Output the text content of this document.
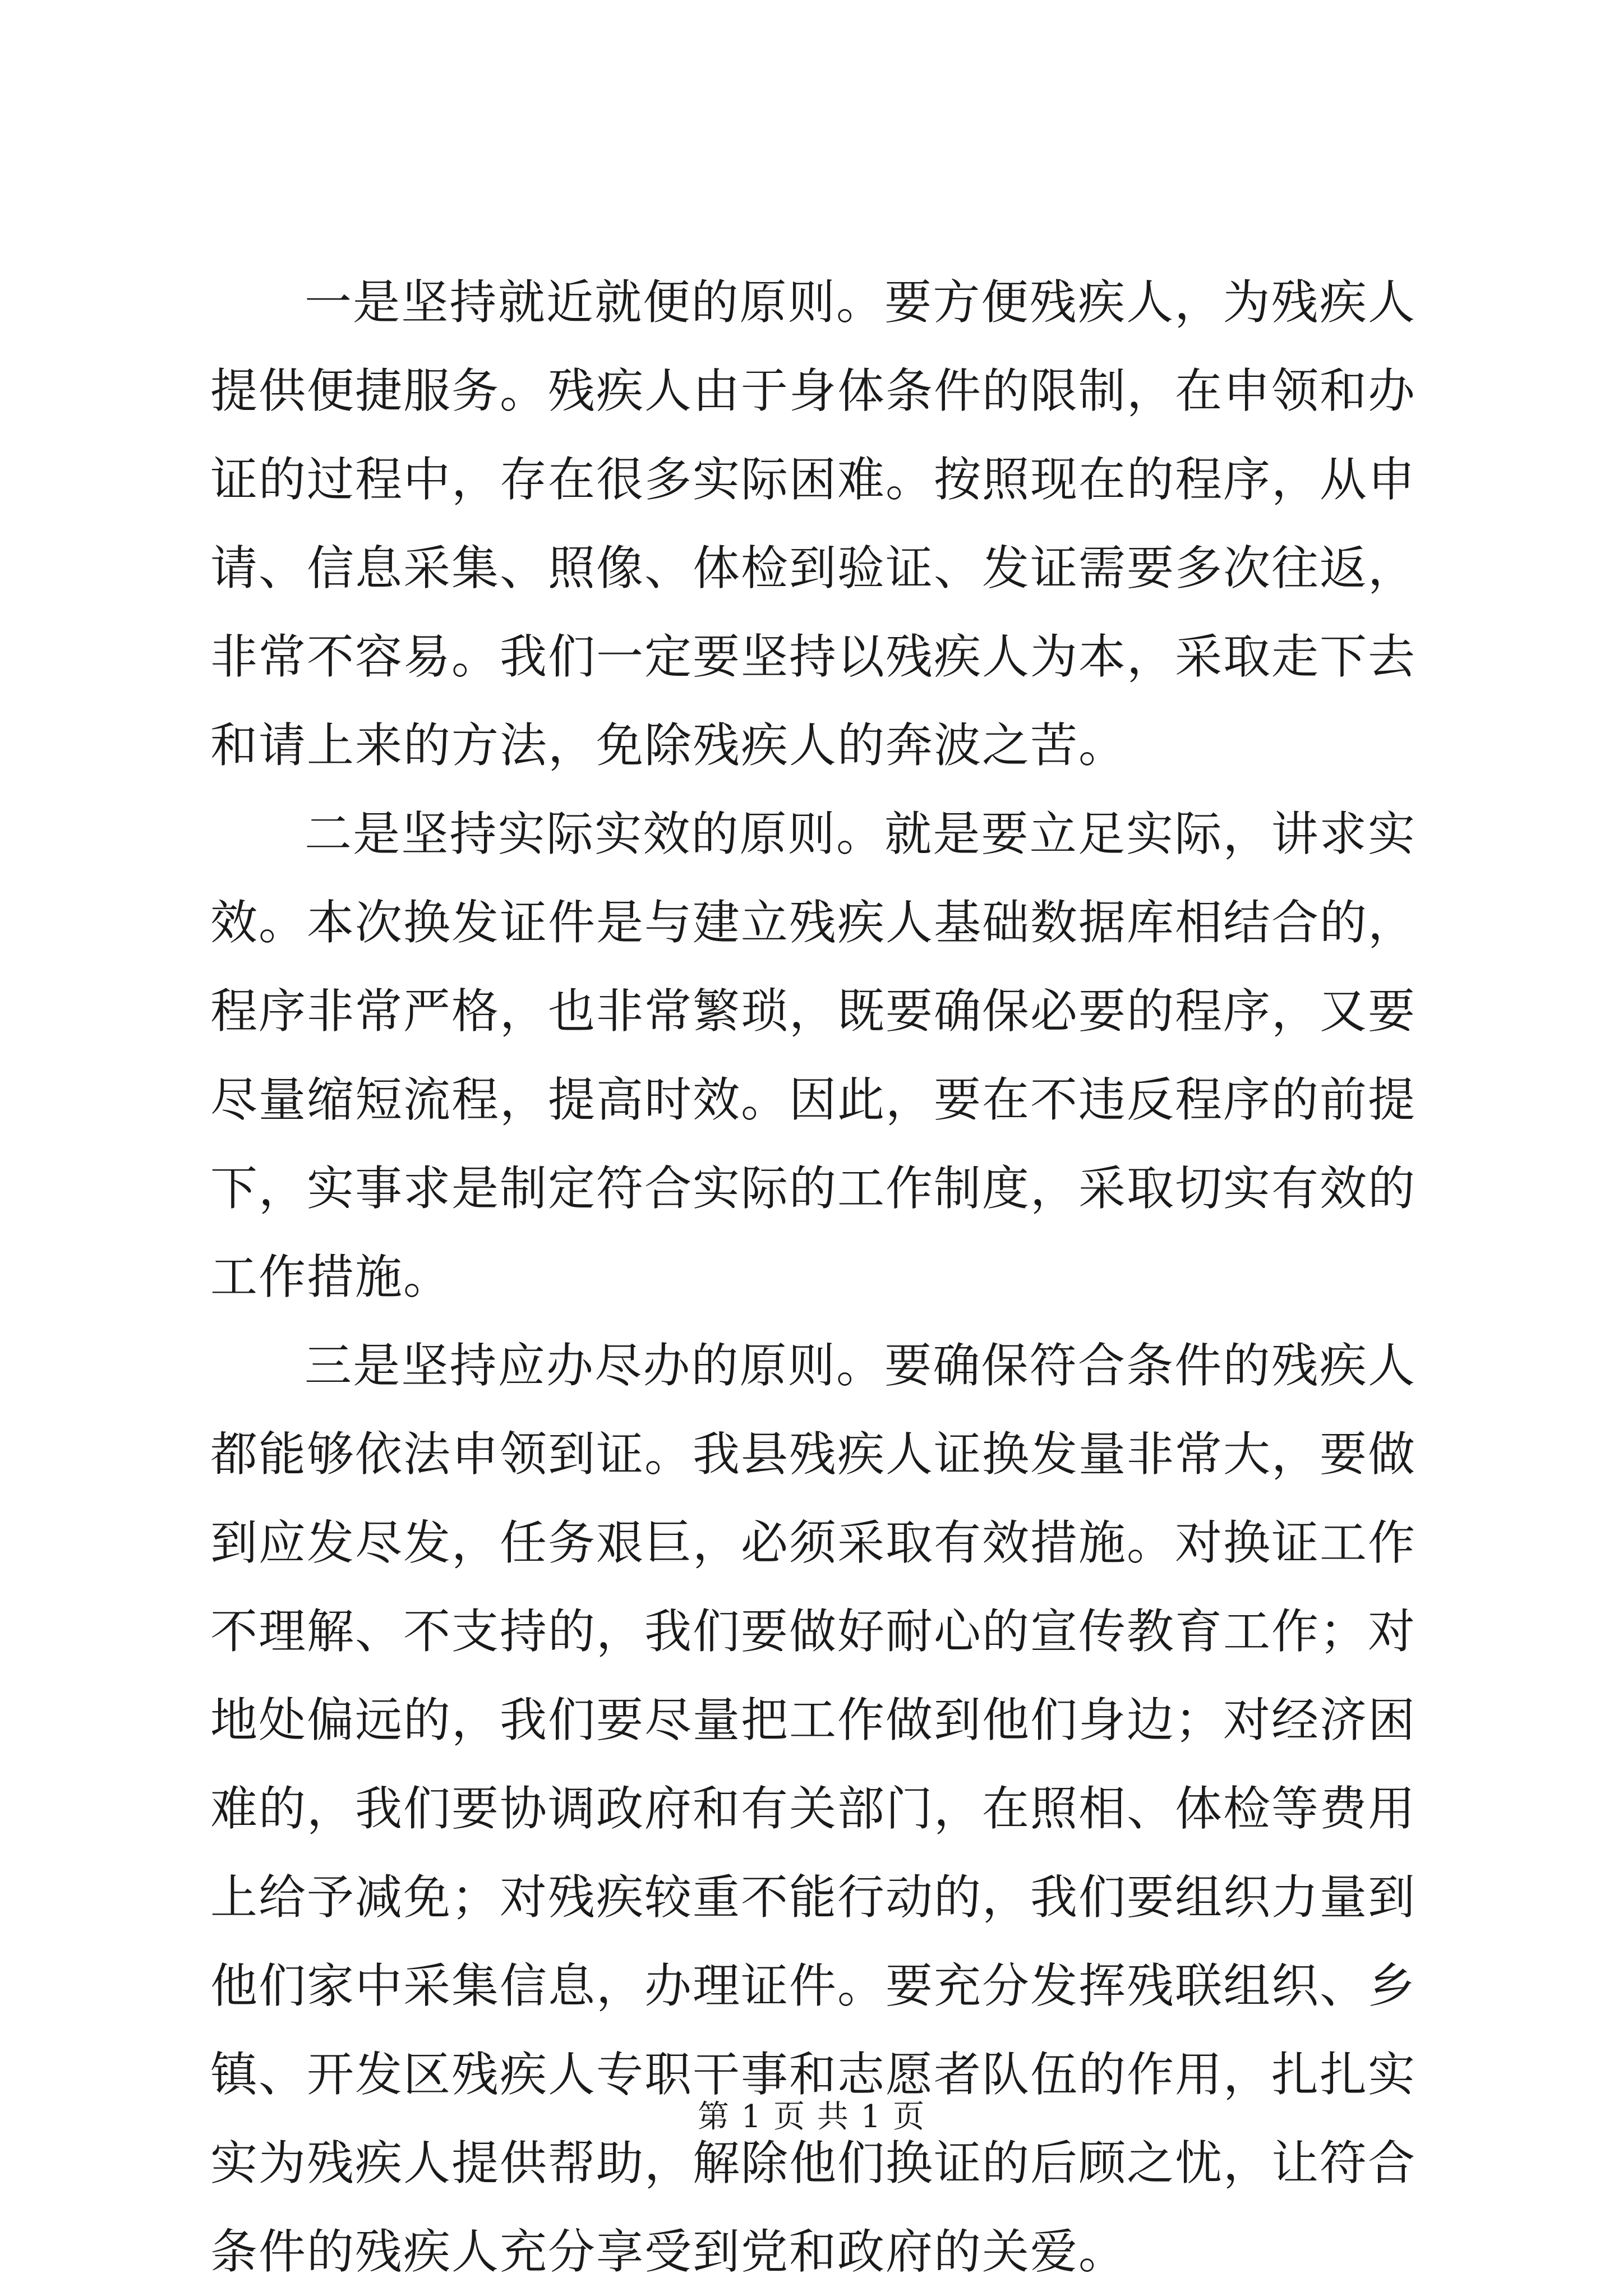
一是坚持就近就便的原则。要方便残疾人，为残疾人提供便捷服务。残疾人由于身体条件的限制，在申领和办证的过程中，存在很多实际困难。按照现在的程序，从申请、信息采集、照像、体检到验证、发证需要多次往返，非常不容易。我们一定要坚持以残疾人为本，采取走下去和请上来的方法，免除残疾人的奔波之苦。

二是坚持实际实效的原则。就是要立足实际，讲求实效。本次换发证件是与建立残疾人基础数据库相结合的，程序非常严格，也非常繁琐，既要确保必要的程序，又要尽量缩短流程，提高时效。因此，要在不违反程序的前提下，实事求是制定符合实际的工作制度，采取切实有效的工作措施。

三是坚持应办尽办的原则。要确保符合条件的残疾人都能够依法申领到证。我县残疾人证换发量非常大，要做到应发尽发，任务艰巨，必须采取有效措施。对换证工作不理解、不支持的，我们要做好耐心的宣传教育工作；对地处偏远的，我们要尽量把工作做到他们身边；对经济困难的，我们要协调政府和有关部门，在照相、体检等费用上给予减免；对残疾较重不能行动的，我们要组织力量到他们家中采集信息，办理证件。要充分发挥残联组织、乡镇、开发区残疾人专职干事和志愿者队伍的作用，扎扎实实为残疾人提供帮助，解除他们换证的后顾之忧，让符合条件的残疾人充分享受到党和政府的关爱。

第 1 页 共 1 页
